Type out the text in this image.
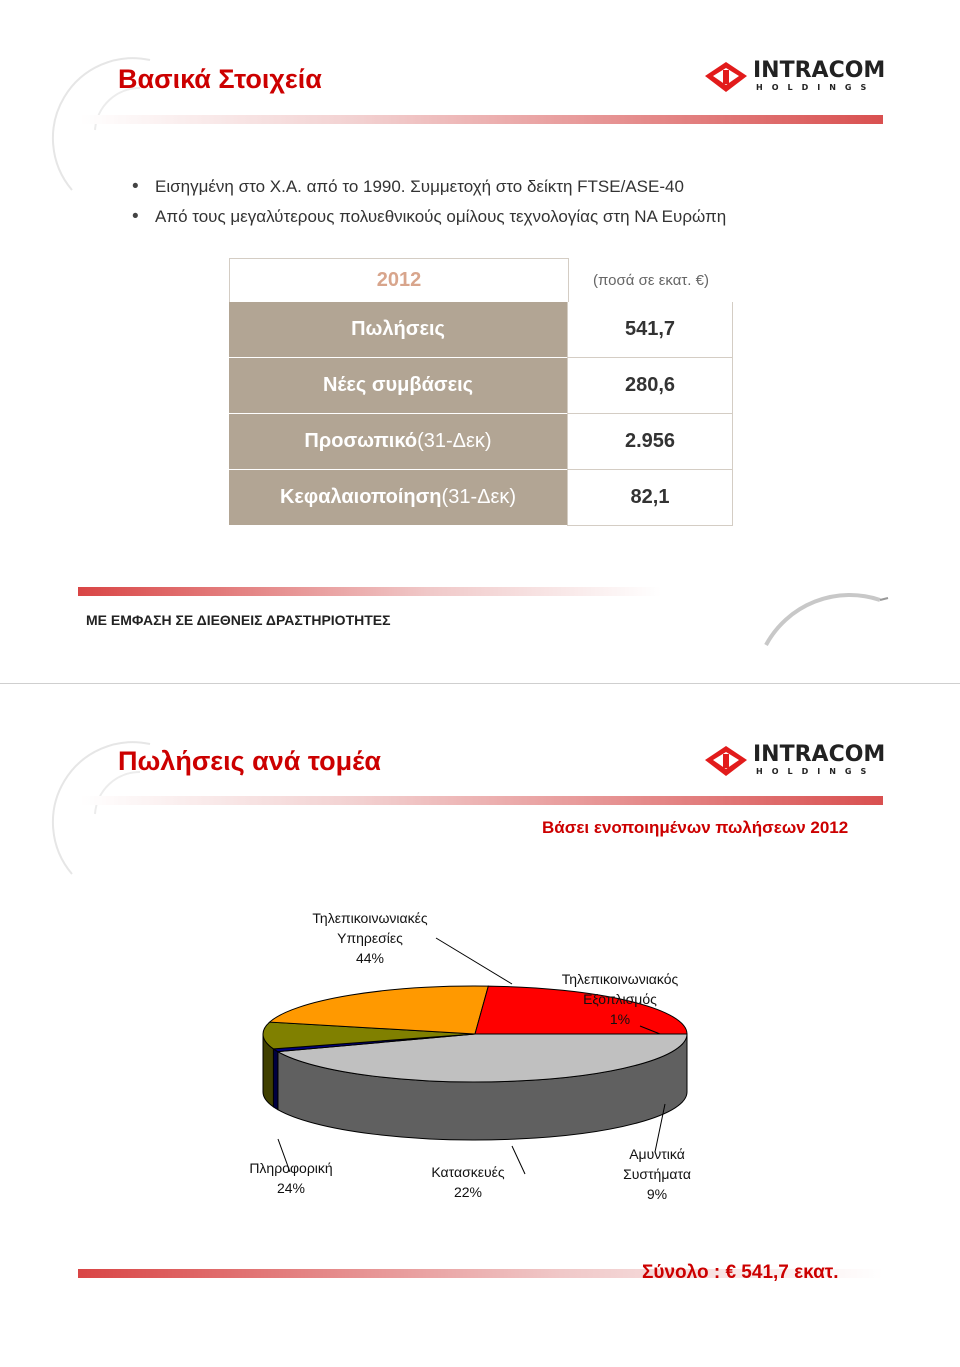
Βασικά Στοιχεία	INTRACOM
HOLDINGS
• Εισηγμένη στο Χ.Α. από το 1990. Συμμετοχή στο δείκτη FTSE/ASE-40
• Από τους μεγαλύτερους πολυεθνικούς ομίλους τεχνολογίας στη ΝΑ Ευρώπη
2012	(ποσά σε εκατ. €)
Πωλήσεις	541,7
Νέες συμβάσεις	280,6
Προσωπικό (31-Δεκ)	2.956
Κεφαλαιοποίηση (31-Δεκ)	82,1
ΜΕ ΕΜΦΑΣΗ ΣΕ ΔΙΕΘΝΕΙΣ ΔΡΑΣΤΗΡΙΟΤΗΤΕΣ
Πωλήσεις ανά τομέα	INTRACOM
HOLDINGS
Βάσει ενοποιημένων πωλήσεων 2012
Τηλεπικοινωνιακές Υπηρεσίες
44%
Τηλεπικοινωνιακός Εξοπλισμός
1%
Αμυντικά Συστήματα
9%
Κατασκευές
22%
Πληροφορική
24%
Σύνολο : € 541,7 εκατ.
